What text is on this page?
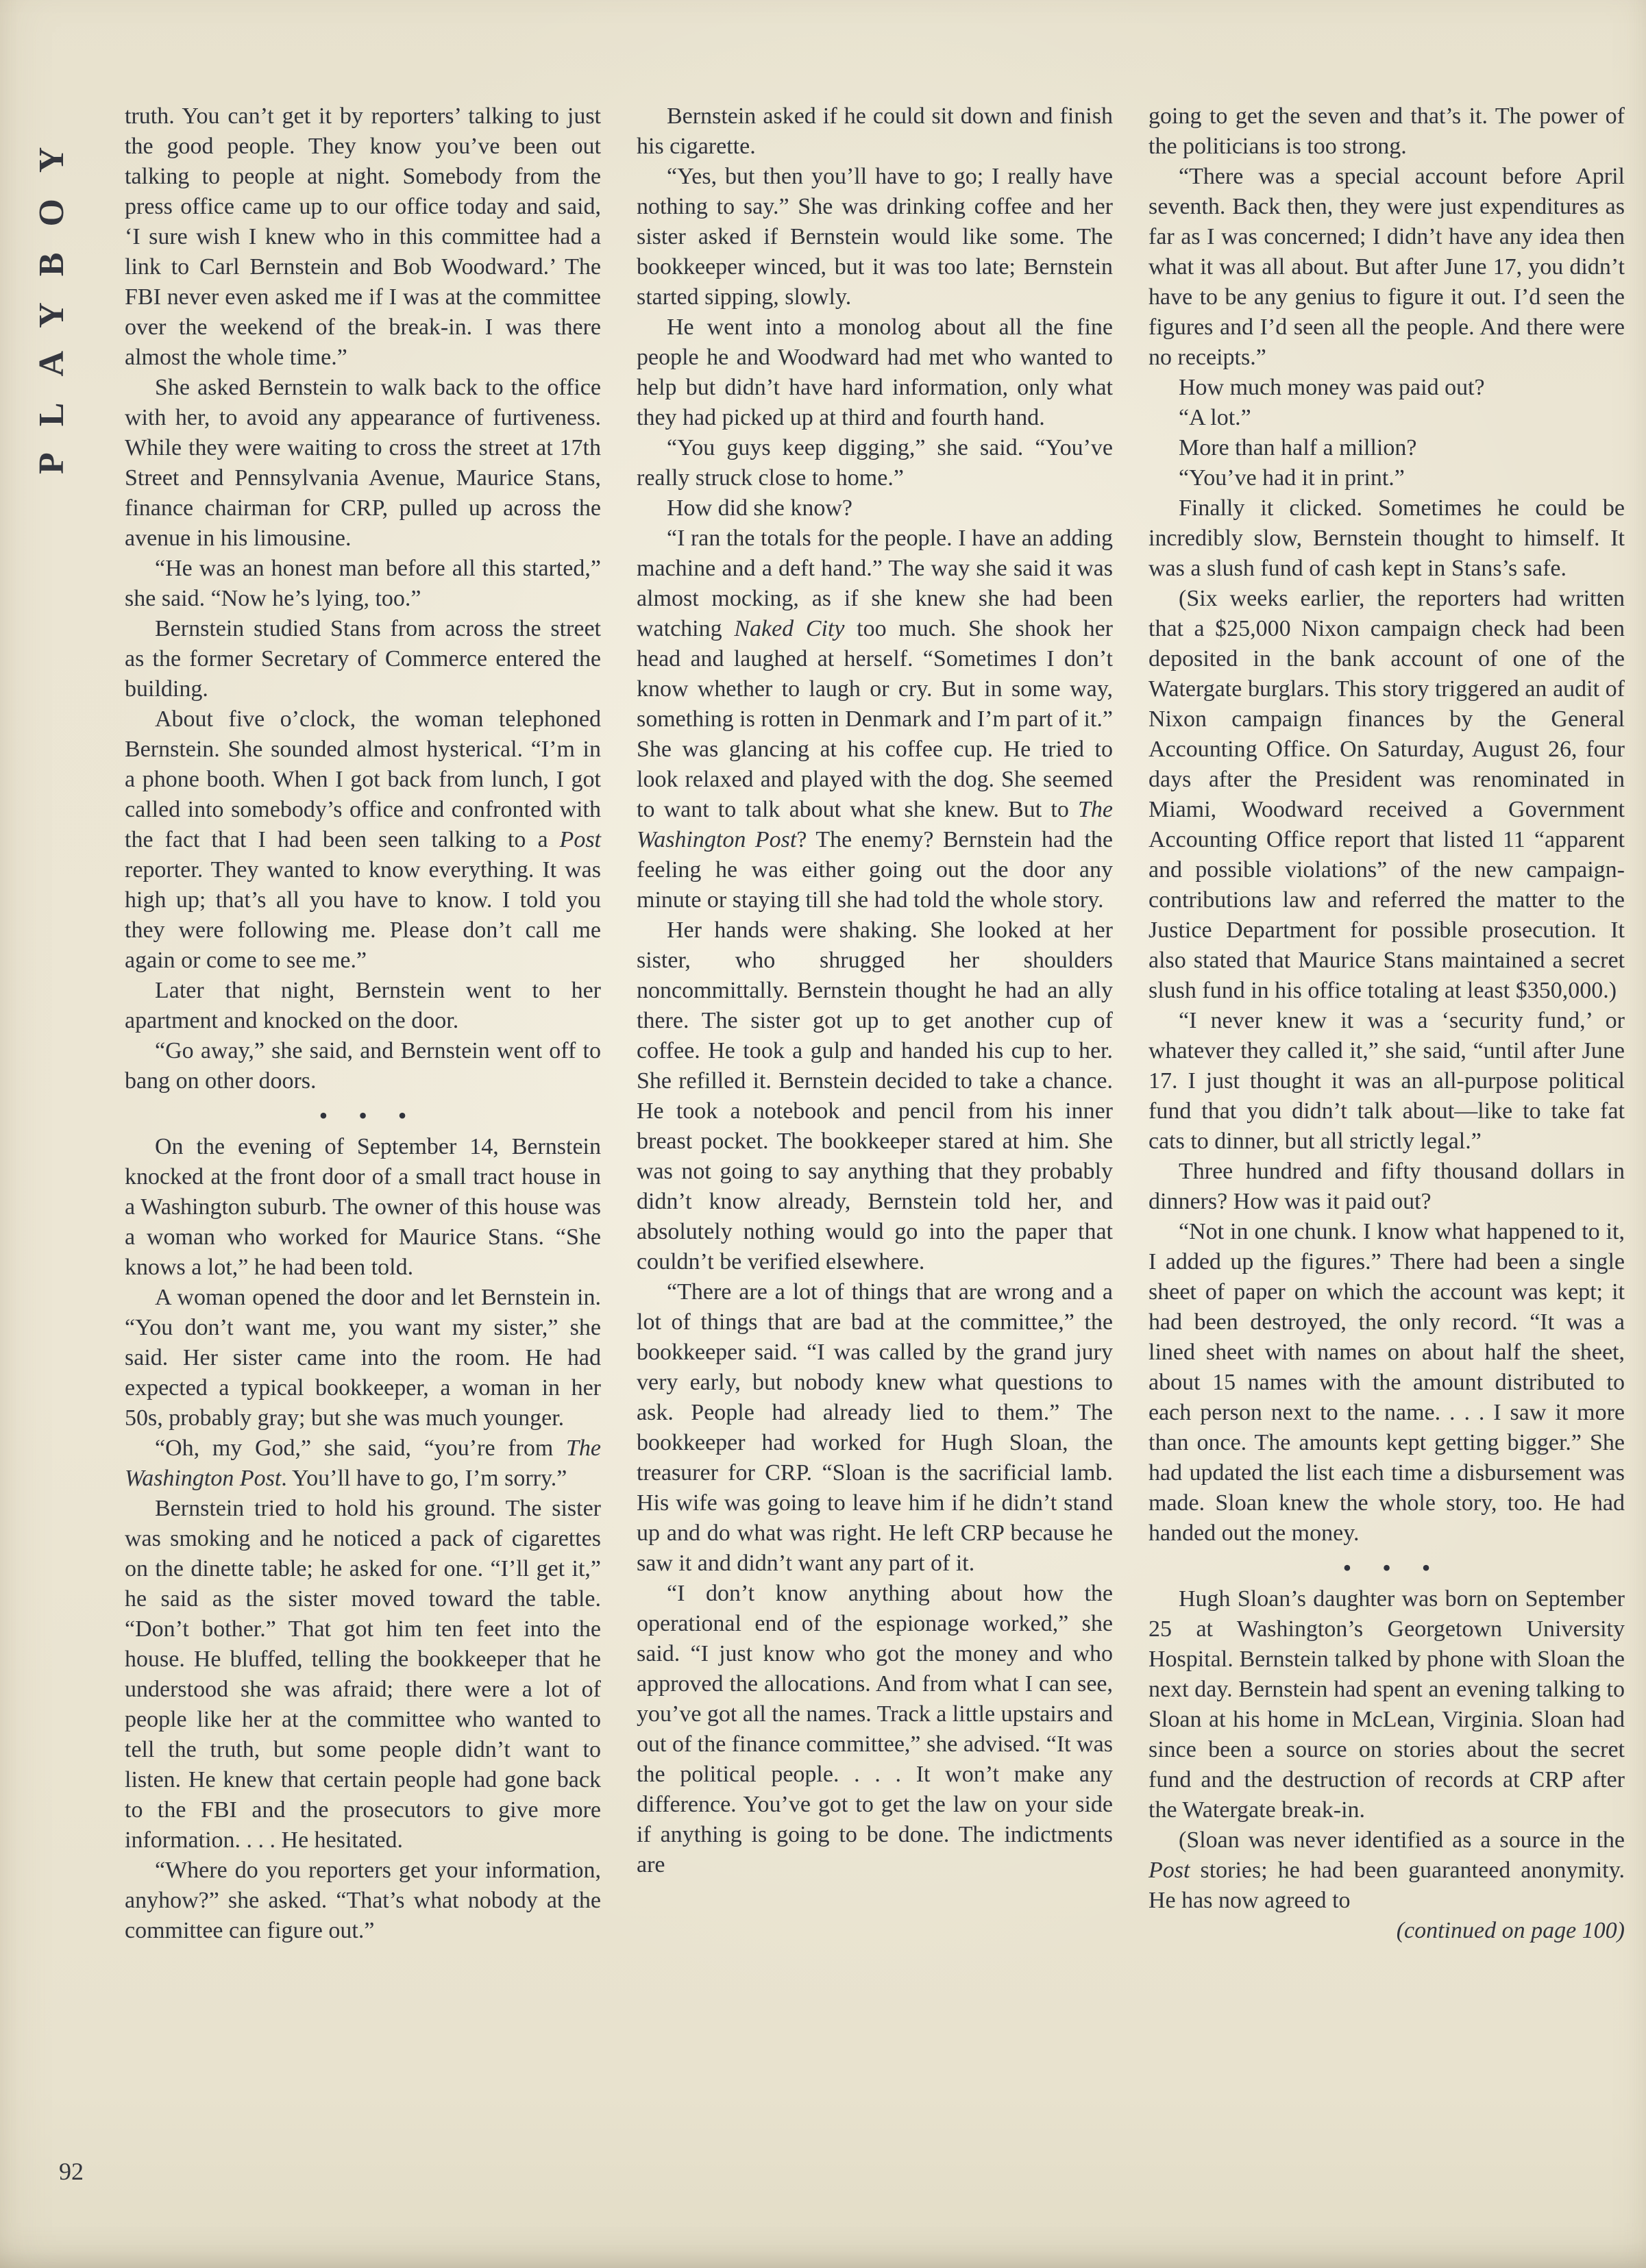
PLAYBOY

truth. You can’t get it by reporters’ talking to just the good people. They know you’ve been out talking to people at night. Somebody from the press office came up to our office today and said, ‘I sure wish I knew who in this committee had a link to Carl Bernstein and Bob Woodward.’ The FBI never even asked me if I was at the committee over the weekend of the break-in. I was there almost the whole time.”

She asked Bernstein to walk back to the office with her, to avoid any appearance of furtiveness. While they were waiting to cross the street at 17th Street and Pennsylvania Avenue, Maurice Stans, finance chairman for CRP, pulled up across the avenue in his limousine.

“He was an honest man before all this started,” she said. “Now he’s lying, too.”

Bernstein studied Stans from across the street as the former Secretary of Commerce entered the building.

About five o’clock, the woman telephoned Bernstein. She sounded almost hysterical. “I’m in a phone booth. When I got back from lunch, I got called into somebody’s office and confronted with the fact that I had been seen talking to a Post reporter. They wanted to know everything. It was high up; that’s all you have to know. I told you they were following me. Please don’t call me again or come to see me.”

Later that night, Bernstein went to her apartment and knocked on the door.

“Go away,” she said, and Bernstein went off to bang on other doors.

• • •

On the evening of September 14, Bernstein knocked at the front door of a small tract house in a Washington suburb. The owner of this house was a woman who worked for Maurice Stans. “She knows a lot,” he had been told.

A woman opened the door and let Bernstein in. “You don’t want me, you want my sister,” she said. Her sister came into the room. He had expected a typical bookkeeper, a woman in her 50s, probably gray; but she was much younger.

“Oh, my God,” she said, “you’re from The Washington Post. You’ll have to go, I’m sorry.”

Bernstein tried to hold his ground. The sister was smoking and he noticed a pack of cigarettes on the dinette table; he asked for one. “I’ll get it,” he said as the sister moved toward the table. “Don’t bother.” That got him ten feet into the house. He bluffed, telling the bookkeeper that he understood she was afraid; there were a lot of people like her at the committee who wanted to tell the truth, but some people didn’t want to listen. He knew that certain people had gone back to the FBI and the prosecutors to give more information. . . . He hesitated.

“Where do you reporters get your information, anyhow?” she asked. “That’s what nobody at the committee can figure out.”

Bernstein asked if he could sit down and finish his cigarette.

“Yes, but then you’ll have to go; I really have nothing to say.” She was drinking coffee and her sister asked if Bernstein would like some. The bookkeeper winced, but it was too late; Bernstein started sipping, slowly.

He went into a monolog about all the fine people he and Woodward had met who wanted to help but didn’t have hard information, only what they had picked up at third and fourth hand.

“You guys keep digging,” she said. “You’ve really struck close to home.”

How did she know?

“I ran the totals for the people. I have an adding machine and a deft hand.” The way she said it was almost mocking, as if she knew she had been watching Naked City too much. She shook her head and laughed at herself. “Sometimes I don’t know whether to laugh or cry. But in some way, something is rotten in Denmark and I’m part of it.” She was glancing at his coffee cup. He tried to look relaxed and played with the dog. She seemed to want to talk about what she knew. But to The Washington Post? The enemy? Bernstein had the feeling he was either going out the door any minute or staying till she had told the whole story.

Her hands were shaking. She looked at her sister, who shrugged her shoulders noncommittally. Bernstein thought he had an ally there. The sister got up to get another cup of coffee. He took a gulp and handed his cup to her. She refilled it. Bernstein decided to take a chance. He took a notebook and pencil from his inner breast pocket. The bookkeeper stared at him. She was not going to say anything that they probably didn’t know already, Bernstein told her, and absolutely nothing would go into the paper that couldn’t be verified elsewhere.

“There are a lot of things that are wrong and a lot of things that are bad at the committee,” the bookkeeper said. “I was called by the grand jury very early, but nobody knew what questions to ask. People had already lied to them.” The bookkeeper had worked for Hugh Sloan, the treasurer for CRP. “Sloan is the sacrificial lamb. His wife was going to leave him if he didn’t stand up and do what was right. He left CRP because he saw it and didn’t want any part of it.

“I don’t know anything about how the operational end of the espionage worked,” she said. “I just know who got the money and who approved the allocations. And from what I can see, you’ve got all the names. Track a little upstairs and out of the finance committee,” she advised. “It was the political people. . . . It won’t make any difference. You’ve got to get the law on your side if anything is going to be done. The indictments are

going to get the seven and that’s it. The power of the politicians is too strong.

“There was a special account before April seventh. Back then, they were just expenditures as far as I was concerned; I didn’t have any idea then what it was all about. But after June 17, you didn’t have to be any genius to figure it out. I’d seen the figures and I’d seen all the people. And there were no receipts.”

How much money was paid out?

“A lot.”

More than half a million?

“You’ve had it in print.”

Finally it clicked. Sometimes he could be incredibly slow, Bernstein thought to himself. It was a slush fund of cash kept in Stans’s safe.

(Six weeks earlier, the reporters had written that a $25,000 Nixon campaign check had been deposited in the bank account of one of the Watergate burglars. This story triggered an audit of Nixon campaign finances by the General Accounting Office. On Saturday, August 26, four days after the President was renominated in Miami, Woodward received a Government Accounting Office report that listed 11 “apparent and possible violations” of the new campaign-contributions law and referred the matter to the Justice Department for possible prosecution. It also stated that Maurice Stans maintained a secret slush fund in his office totaling at least $350,000.)

“I never knew it was a ‘security fund,’ or whatever they called it,” she said, “until after June 17. I just thought it was an all-purpose political fund that you didn’t talk about—like to take fat cats to dinner, but all strictly legal.”

Three hundred and fifty thousand dollars in dinners? How was it paid out?

“Not in one chunk. I know what happened to it, I added up the figures.” There had been a single sheet of paper on which the account was kept; it had been destroyed, the only record. “It was a lined sheet with names on about half the sheet, about 15 names with the amount distributed to each person next to the name. . . . I saw it more than once. The amounts kept getting bigger.” She had updated the list each time a disbursement was made. Sloan knew the whole story, too. He had handed out the money.

• • •

Hugh Sloan’s daughter was born on September 25 at Washington’s Georgetown University Hospital. Bernstein talked by phone with Sloan the next day. Bernstein had spent an evening talking to Sloan at his home in McLean, Virginia. Sloan had since been a source on stories about the secret fund and the destruction of records at CRP after the Watergate break-in.

(Sloan was never identified as a source in the Post stories; he had been guaranteed anonymity. He has now agreed to

(continued on page 100)

92
